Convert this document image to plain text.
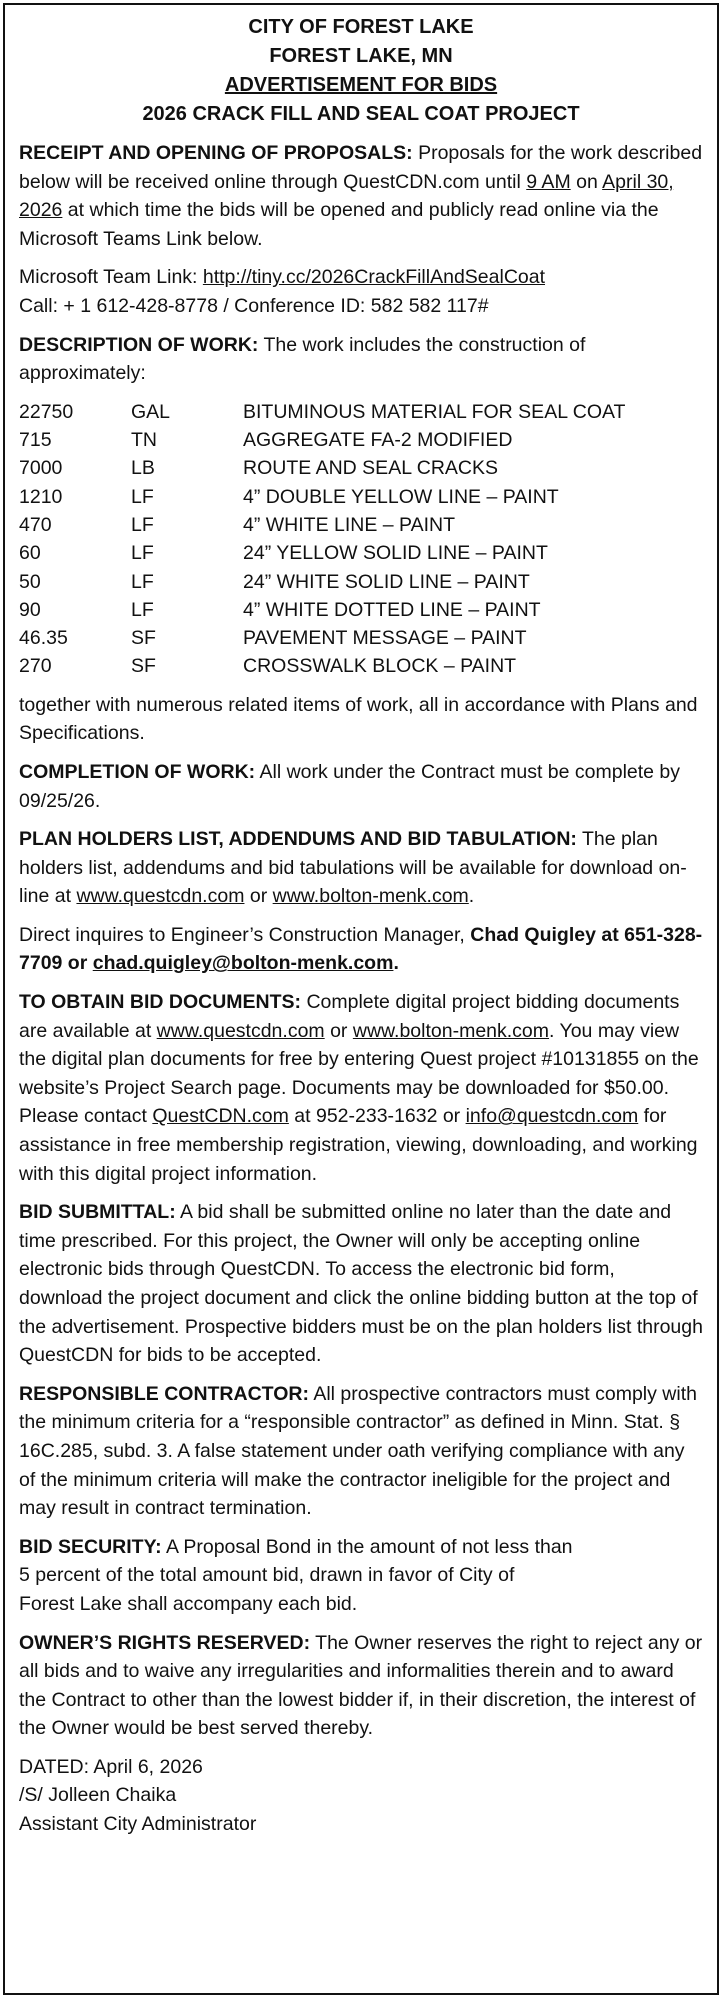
CITY OF FOREST LAKE
FOREST LAKE, MN
ADVERTISEMENT FOR BIDS
2026 CRACK FILL AND SEAL COAT PROJECT

RECEIPT AND OPENING OF PROPOSALS: Proposals for the work described below will be received online through QuestCDN.com until 9 AM on April 30, 2026 at which time the bids will be opened and publicly read online via the Microsoft Teams Link below.

Microsoft Team Link: http://tiny.cc/2026CrackFillAndSealCoat
Call: + 1 612-428-8778 / Conference ID: 582 582 117#

DESCRIPTION OF WORK: The work includes the construction of approximately:

22750	GAL	BITUMINOUS MATERIAL FOR SEAL COAT
715	TN	AGGREGATE FA-2 MODIFIED
7000	LB	ROUTE AND SEAL CRACKS
1210	LF	4” DOUBLE YELLOW LINE – PAINT
470	LF	4” WHITE LINE – PAINT
60	LF	24” YELLOW SOLID LINE – PAINT
50	LF	24” WHITE SOLID LINE – PAINT
90	LF	4” WHITE DOTTED LINE – PAINT
46.35	SF	PAVEMENT MESSAGE – PAINT
270	SF	CROSSWALK BLOCK – PAINT

together with numerous related items of work, all in accordance with Plans and Specifications.

COMPLETION OF WORK: All work under the Contract must be complete by 09/25/26.

PLAN HOLDERS LIST, ADDENDUMS AND BID TABULATION: The plan holders list, addendums and bid tabulations will be available for download on-line at www.questcdn.com or www.bolton-menk.com.

Direct inquires to Engineer’s Construction Manager, Chad Quigley at 651-328-7709 or chad.quigley@bolton-menk.com.

TO OBTAIN BID DOCUMENTS: Complete digital project bidding documents are available at www.questcdn.com or www.bolton-menk.com. You may view the digital plan documents for free by entering Quest project #10131855 on the website’s Project Search page. Documents may be downloaded for $50.00. Please contact QuestCDN.com at 952-233-1632 or info@questcdn.com for assistance in free membership registration, viewing, downloading, and working with this digital project information.

BID SUBMITTAL: A bid shall be submitted online no later than the date and time prescribed. For this project, the Owner will only be accepting online electronic bids through QuestCDN. To access the electronic bid form, download the project document and click the online bidding button at the top of the advertisement. Prospective bidders must be on the plan holders list through QuestCDN for bids to be accepted.

RESPONSIBLE CONTRACTOR: All prospective contractors must comply with the minimum criteria for a “responsible contractor” as defined in Minn. Stat. § 16C.285, subd. 3. A false statement under oath verifying compliance with any of the minimum criteria will make the contractor ineligible for the project and may result in contract termination.

BID SECURITY: A Proposal Bond in the amount of not less than
5 percent of the total amount bid, drawn in favor of City of
Forest Lake shall accompany each bid.

OWNER’S RIGHTS RESERVED: The Owner reserves the right to reject any or all bids and to waive any irregularities and informalities therein and to award the Contract to other than the lowest bidder if, in their discretion, the interest of the Owner would be best served thereby.

DATED: April 6, 2026
/S/ Jolleen Chaika
Assistant City Administrator
